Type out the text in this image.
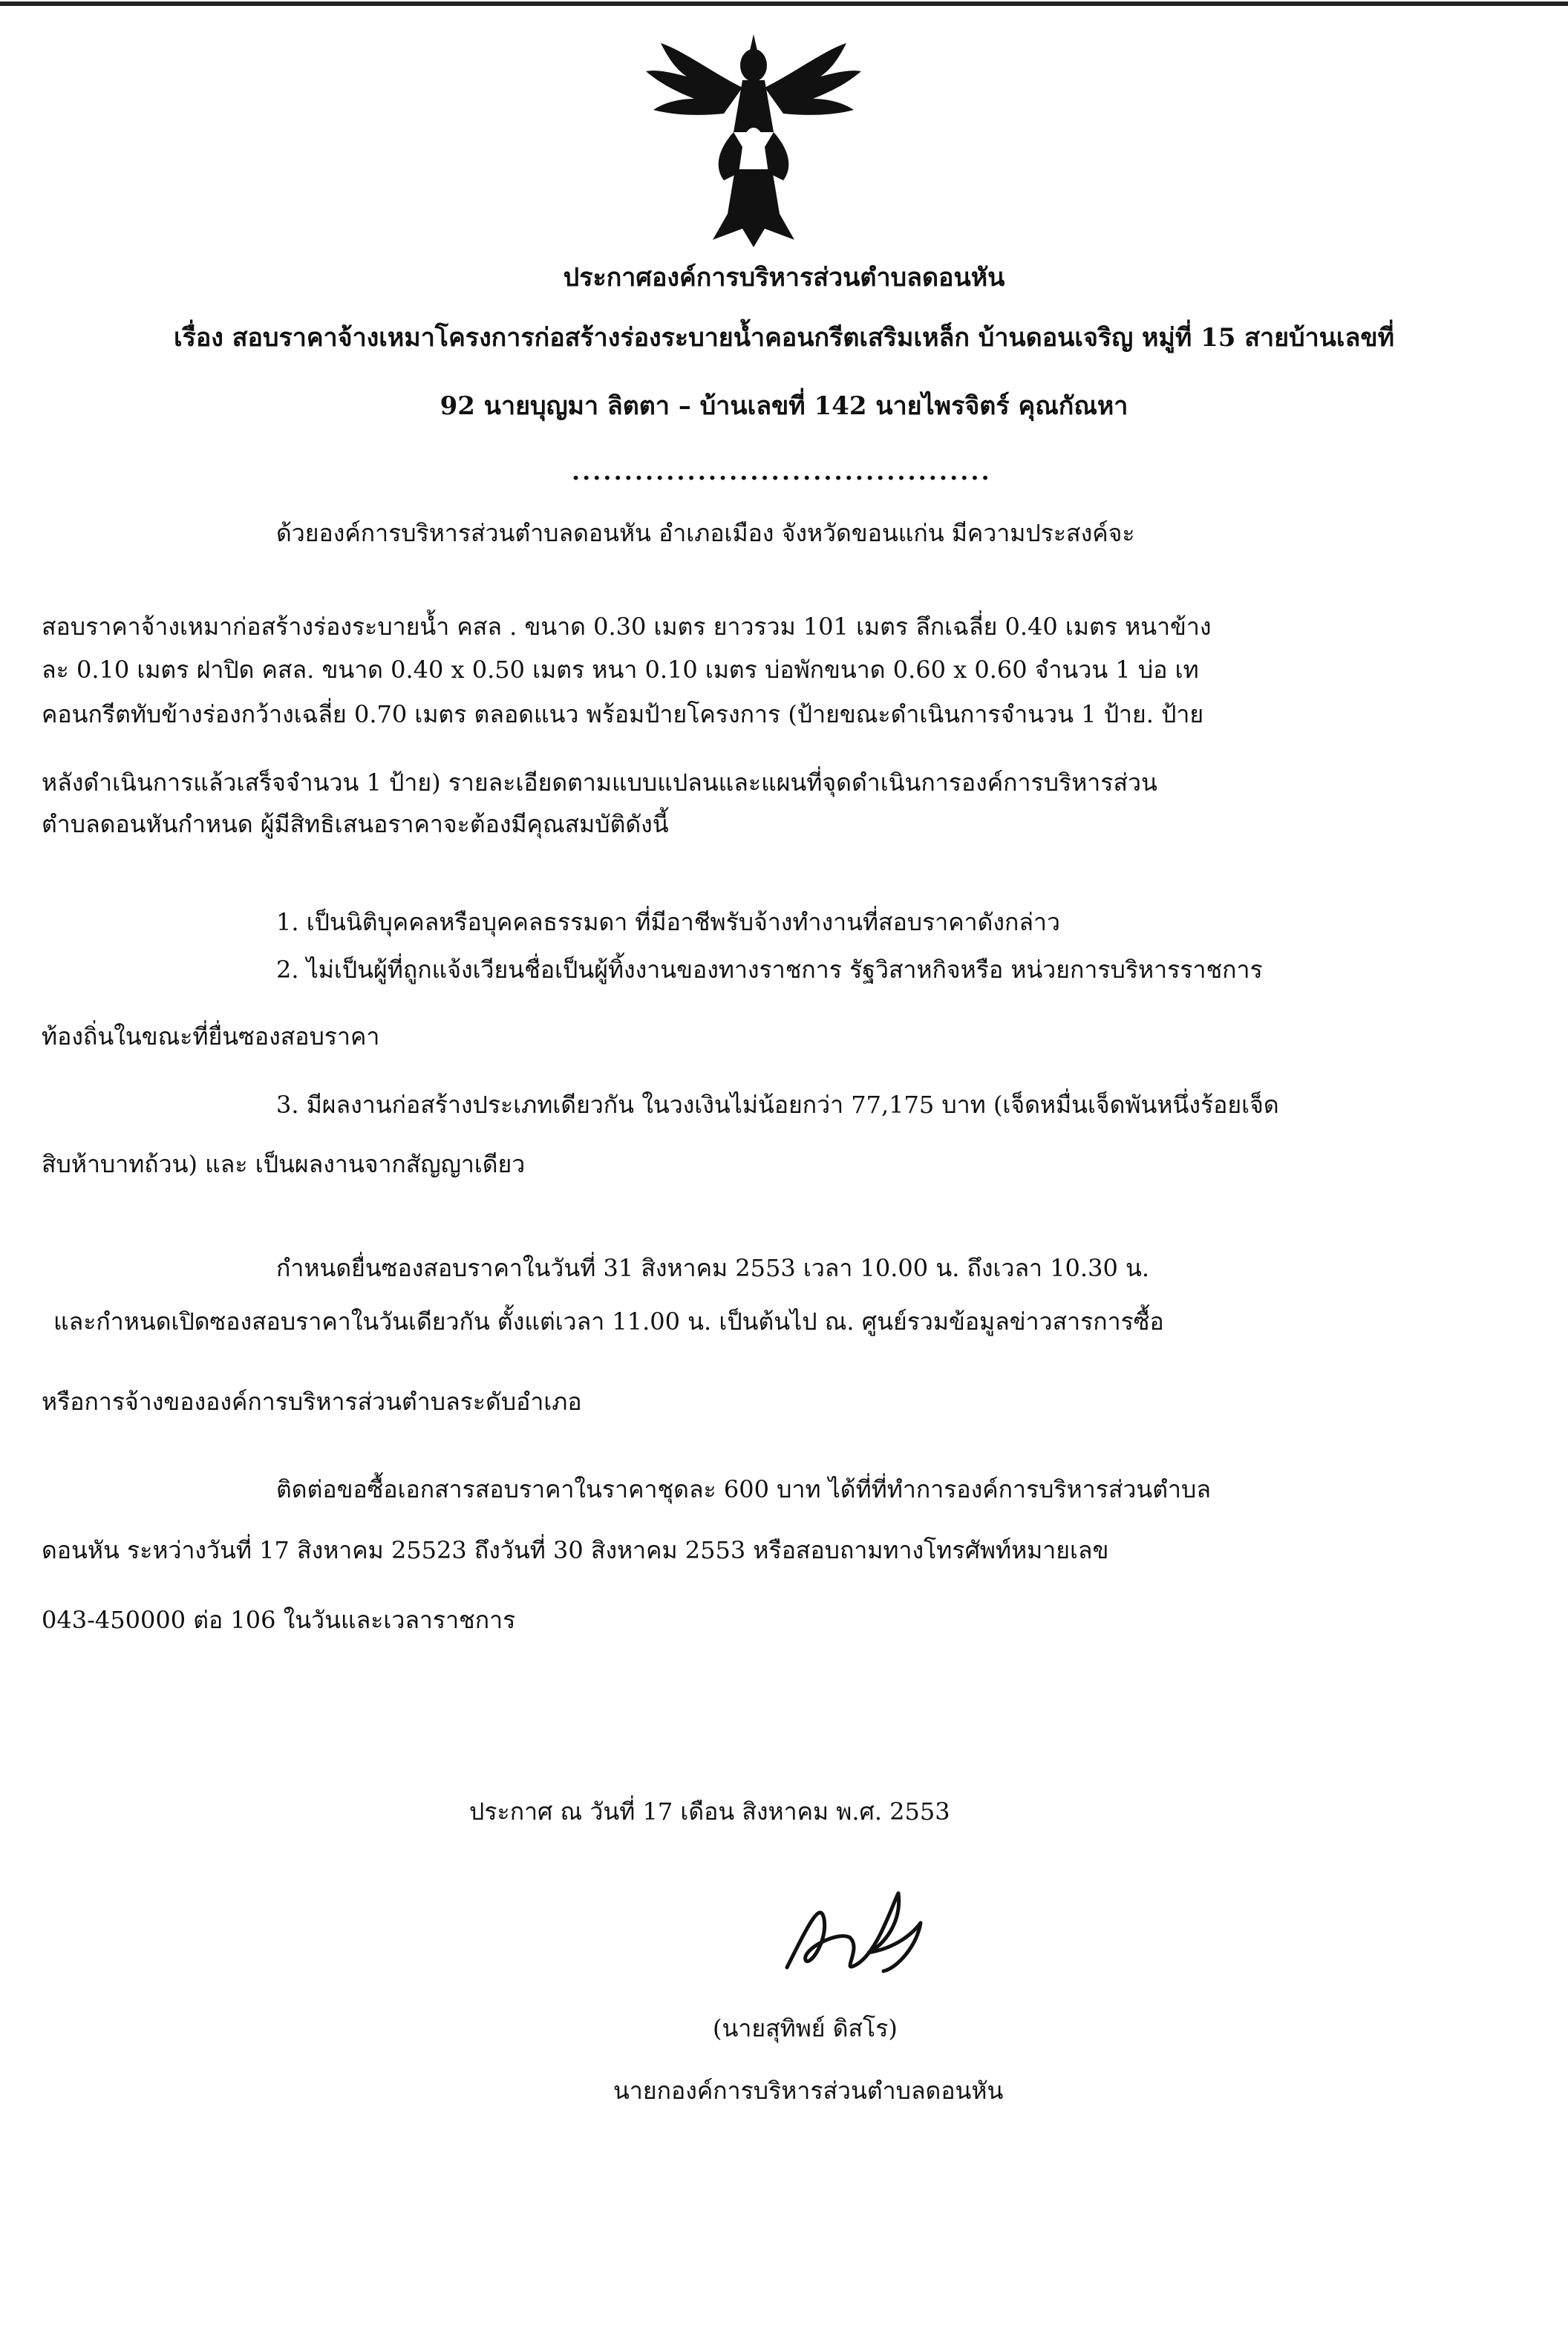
ประกาศองค์การบริหารส่วนตำบลดอนหัน
เรื่อง สอบราคาจ้างเหมาโครงการก่อสร้างร่องระบายน้ำคอนกรีตเสริมเหล็ก บ้านดอนเจริญ หมู่ที่ 15 สายบ้านเลขที่
92 นายบุญมา ลิตตา – บ้านเลขที่ 142 นายไพรจิตร์ คุณกัณหา
........................................
ด้วยองค์การบริหารส่วนตำบลดอนหัน อำเภอเมือง จังหวัดขอนแก่น มีความประสงค์จะ
สอบราคาจ้างเหมาก่อสร้างร่องระบายน้ำ คสล . ขนาด 0.30 เมตร ยาวรวม 101 เมตร ลึกเฉลี่ย 0.40 เมตร หนาข้าง
ละ 0.10 เมตร ฝาปิด คสล. ขนาด 0.40 x 0.50 เมตร หนา 0.10 เมตร บ่อพักขนาด 0.60 x 0.60 จำนวน 1 บ่อ เท
คอนกรีตทับข้างร่องกว้างเฉลี่ย 0.70 เมตร ตลอดแนว พร้อมป้ายโครงการ (ป้ายขณะดำเนินการจำนวน 1 ป้าย. ป้าย
หลังดำเนินการแล้วเสร็จจำนวน 1 ป้าย) รายละเอียดตามแบบแปลนและแผนที่จุดดำเนินการองค์การบริหารส่วน
ตำบลดอนหันกำหนด ผู้มีสิทธิเสนอราคาจะต้องมีคุณสมบัติดังนี้
1. เป็นนิติบุคคลหรือบุคคลธรรมดา ที่มีอาชีพรับจ้างทำงานที่สอบราคาดังกล่าว
2. ไม่เป็นผู้ที่ถูกแจ้งเวียนชื่อเป็นผู้ทิ้งงานของทางราชการ รัฐวิสาหกิจหรือ หน่วยการบริหารราชการ
ท้องถิ่นในขณะที่ยื่นซองสอบราคา
3. มีผลงานก่อสร้างประเภทเดียวกัน ในวงเงินไม่น้อยกว่า 77,175 บาท (เจ็ดหมื่นเจ็ดพันหนึ่งร้อยเจ็ด
สิบห้าบาทถ้วน) และ เป็นผลงานจากสัญญาเดียว
กำหนดยื่นซองสอบราคาในวันที่ 31 สิงหาคม 2553 เวลา 10.00 น. ถึงเวลา 10.30 น.
และกำหนดเปิดซองสอบราคาในวันเดียวกัน ตั้งแต่เวลา 11.00 น. เป็นต้นไป ณ. ศูนย์รวมข้อมูลข่าวสารการซื้อ
หรือการจ้างขององค์การบริหารส่วนตำบลระดับอำเภอ
ติดต่อขอซื้อเอกสารสอบราคาในราคาชุดละ 600 บาท ได้ที่ที่ทำการองค์การบริหารส่วนตำบล
ดอนหัน ระหว่างวันที่ 17 สิงหาคม 25523 ถึงวันที่ 30 สิงหาคม 2553 หรือสอบถามทางโทรศัพท์หมายเลข
043-450000 ต่อ 106 ในวันและเวลาราชการ
ประกาศ ณ วันที่ 17 เดือน สิงหาคม พ.ศ. 2553
(นายสุทิพย์ ดิสโร)
นายกองค์การบริหารส่วนตำบลดอนหัน
